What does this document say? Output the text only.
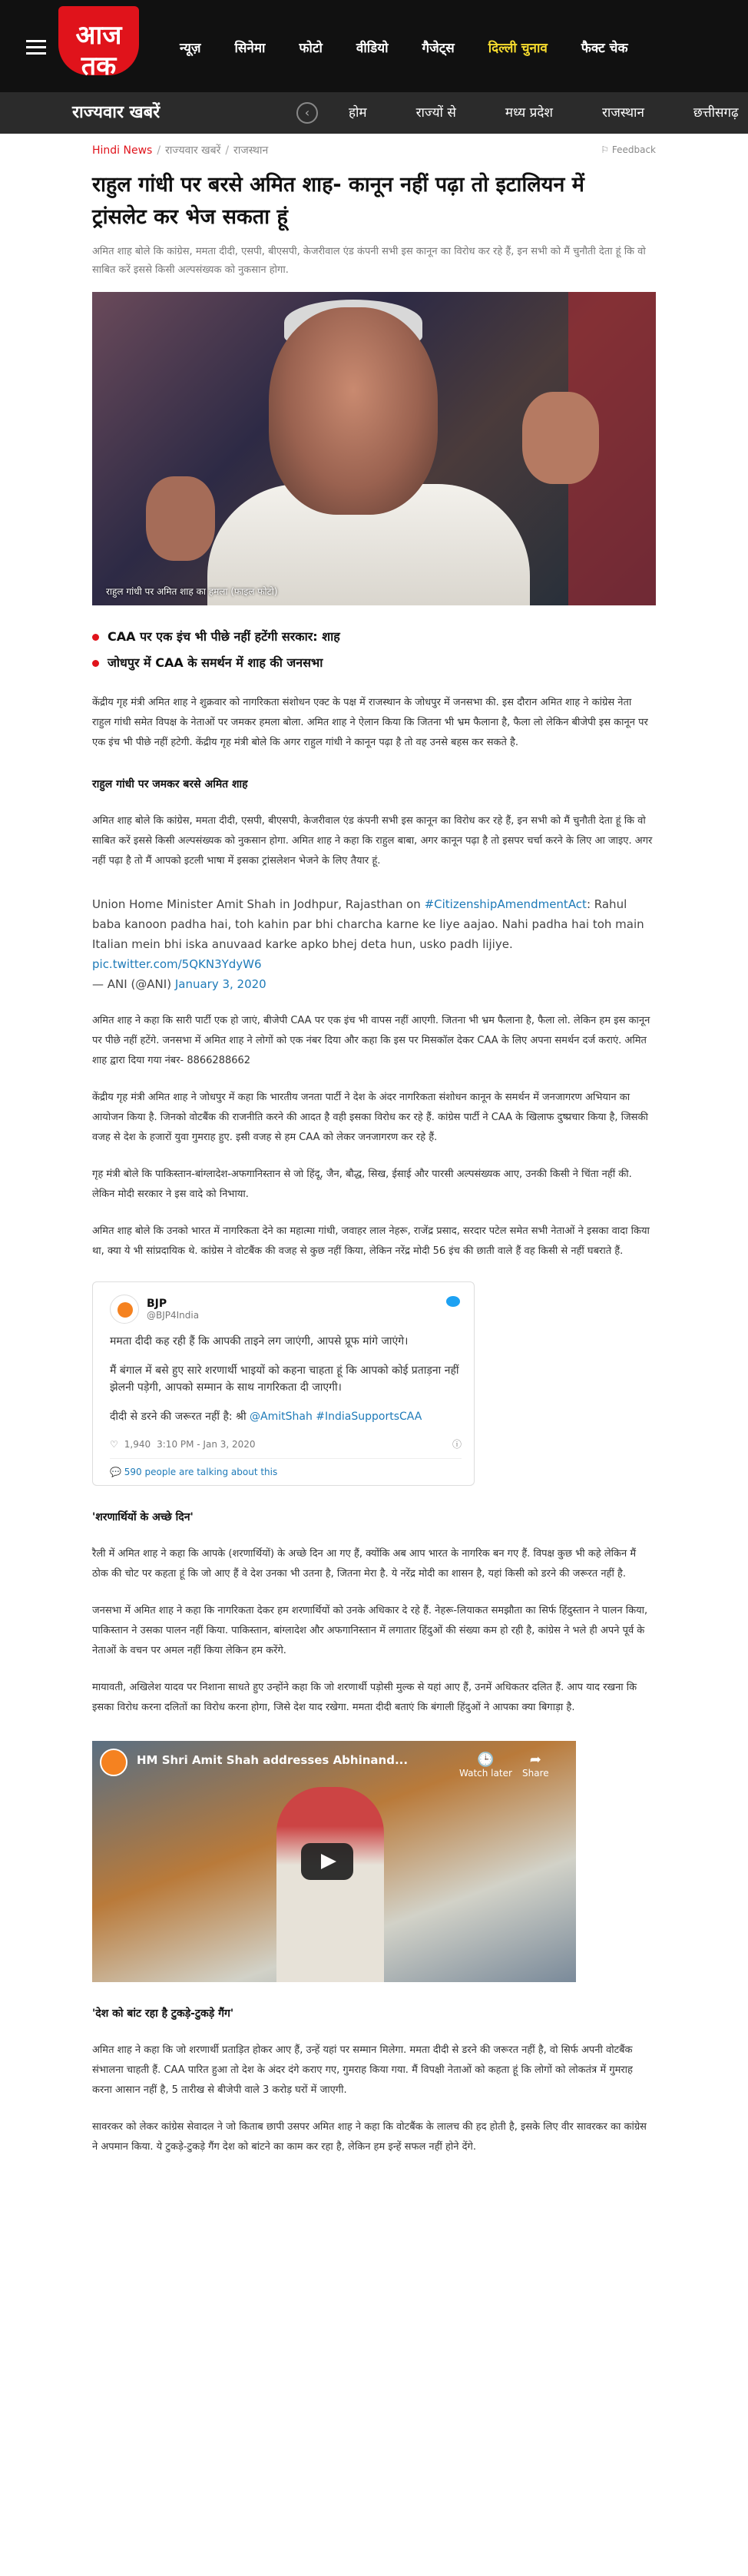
आज तक
न्यूज़	सिनेमा	फोटो	वीडियो	गैजेट्स	दिल्ली चुनाव	फैक्ट चेक
राज्यवार खबरें	‹	होम	राज्यों से	मध्य प्रदेश	राजस्थान	छत्तीसगढ़
Hindi News / राज्यवार खबरें / राजस्थान	⚐ Feedback
राहुल गांधी पर बरसे अमित शाह- कानून नहीं पढ़ा तो इटालियन में ट्रांसलेट कर भेज सकता हूं

अमित शाह बोले कि कांग्रेस, ममता दीदी, एसपी, बीएसपी, केजरीवाल एंड कंपनी सभी इस कानून का विरोध कर रहे हैं, इन सभी को मैं चुनौती देता हूं कि वो साबित करें इससे किसी अल्पसंख्यक को नुकसान होगा.

राहुल गांधी पर अमित शाह का हमला (फाइल फोटो)
CAA पर एक इंच भी पीछे नहीं हटेंगी सरकार: शाह
जोधपुर में CAA के समर्थन में शाह की जनसभा

केंद्रीय गृह मंत्री अमित शाह ने शुक्रवार को नागरिकता संशोधन एक्ट के पक्ष में राजस्थान के जोधपुर में जनसभा की. इस दौरान अमित शाह ने कांग्रेस नेता राहुल गांधी समेत विपक्ष के नेताओं पर जमकर हमला बोला. अमित शाह ने ऐलान किया कि जितना भी भ्रम फैलाना है, फैला लो लेकिन बीजेपी इस कानून पर एक इंच भी पीछे नहीं हटेगी. केंद्रीय गृह मंत्री बोले कि अगर राहुल गांधी ने कानून पढ़ा है तो वह उनसे बहस कर सकते है.

राहुल गांधी पर जमकर बरसे अमित शाह

अमित शाह बोले कि कांग्रेस, ममता दीदी, एसपी, बीएसपी, केजरीवाल एंड कंपनी सभी इस कानून का विरोध कर रहे हैं, इन सभी को मैं चुनौती देता हूं कि वो साबित करें इससे किसी अल्पसंख्यक को नुकसान होगा. अमित शाह ने कहा कि राहुल बाबा, अगर कानून पढ़ा है तो इसपर चर्चा करने के लिए आ जाइए. अगर नहीं पढ़ा है तो मैं आपको इटली भाषा में इसका ट्रांसलेशन भेजने के लिए तैयार हूं.

Union Home Minister Amit Shah in Jodhpur, Rajasthan on #CitizenshipAmendmentAct: Rahul baba kanoon padha hai, toh kahin par bhi charcha karne ke liye aajao. Nahi padha hai toh main Italian mein bhi iska anuvaad karke apko bhej deta hun, usko padh lijiye.
pic.twitter.com/5QKN3YdyW6
— ANI (@ANI) January 3, 2020

अमित शाह ने कहा कि सारी पार्टी एक हो जाएं, बीजेपी CAA पर एक इंच भी वापस नहीं आएगी. जितना भी भ्रम फैलाना है, फैला लो. लेकिन हम इस कानून पर पीछे नहीं हटेंगे. जनसभा में अमित शाह ने लोगों को एक नंबर दिया और कहा कि इस पर मिसकॉल देकर CAA के लिए अपना समर्थन दर्ज कराएं. अमित शाह द्वारा दिया गया नंबर- 8866288662

केंद्रीय गृह मंत्री अमित शाह ने जोधपुर में कहा कि भारतीय जनता पार्टी ने देश के अंदर नागरिकता संशोधन कानून के समर्थन में जनजागरण अभियान का आयोजन किया है. जिनको वोटबैंक की राजनीति करने की आदत है वही इसका विरोध कर रहे हैं. कांग्रेस पार्टी ने CAA के खिलाफ दुष्प्रचार किया है, जिसकी वजह से देश के हजारों युवा गुमराह हुए. इसी वजह से हम CAA को लेकर जनजागरण कर रहे हैं.

गृह मंत्री बोले कि पाकिस्तान-बांग्लादेश-अफगानिस्तान से जो हिंदू, जैन, बौद्ध, सिख, ईसाई और पारसी अल्पसंख्यक आए, उनकी किसी ने चिंता नहीं की. लेकिन मोदी सरकार ने इस वादे को निभाया.

अमित शाह बोले कि उनको भारत में नागरिकता देने का महात्मा गांधी, जवाहर लाल नेहरू, राजेंद्र प्रसाद, सरदार पटेल समेत सभी नेताओं ने इसका वादा किया था, क्या ये भी सांप्रदायिक थे. कांग्रेस ने वोटबैंक की वजह से कुछ नहीं किया, लेकिन नरेंद्र मोदी 56 इंच की छाती वाले हैं वह किसी से नहीं घबराते हैं.

BJP
@BJP4India

ममता दीदी कह रही हैं कि आपकी ताइने लग जाएंगी, आपसे प्रूफ मांगे जाएंगे।

मैं बंगाल में बसे हुए सारे शरणार्थी भाइयों को कहना चाहता हूं कि आपको कोई प्रताड़ना नहीं झेलनी पड़ेगी, आपको सम्मान के साथ नागरिकता दी जाएगी।

दीदी से डरने की जरूरत नहीं है: श्री @AmitShah #IndiaSupportsCAA

♡ 1,940 3:10 PM - Jan 3, 2020	ⓘ
💬 590 people are talking about this
'शरणार्थियों के अच्छे दिन'

रैली में अमित शाह ने कहा कि आपके (शरणार्थियों) के अच्छे दिन आ गए हैं, क्योंकि अब आप भारत के नागरिक बन गए हैं. विपक्ष कुछ भी कहे लेकिन मैं ठोक की चोट पर कहता हूं कि जो आए हैं वे देश उनका भी उतना है, जितना मेरा है. ये नरेंद्र मोदी का शासन है, यहां किसी को डरने की जरूरत नहीं है.

जनसभा में अमित शाह ने कहा कि नागरिकता देकर हम शरणार्थियों को उनके अधिकार दे रहे हैं. नेहरू-लियाकत समझौता का सिर्फ हिंदुस्तान ने पालन किया, पाकिस्तान ने उसका पालन नहीं किया. पाकिस्तान, बांग्लादेश और अफगानिस्तान में लगातार हिंदुओं की संख्या कम हो रही है, कांग्रेस ने भले ही अपने पूर्व के नेताओं के वचन पर अमल नहीं किया लेकिन हम करेंगे.

मायावती, अखिलेश यादव पर निशाना साधते हुए उन्होंने कहा कि जो शरणार्थी पड़ोसी मुल्क से यहां आए हैं, उनमें अधिकतर दलित हैं. आप याद रखना कि इसका विरोध करना दलितों का विरोध करना होगा, जिसे देश याद रखेगा. ममता दीदी बताएं कि बंगाली हिंदुओं ने आपका क्या बिगाड़ा है.

HM Shri Amit Shah addresses Abhinand...	🕒
Watch later
➦
Share
'देश को बांट रहा है टुकड़े-टुकड़े गैंग'

अमित शाह ने कहा कि जो शरणार्थी प्रताड़ित होकर आए हैं, उन्हें यहां पर सम्मान मिलेगा. ममता दीदी से डरने की जरूरत नहीं है, वो सिर्फ अपनी वोटबैंक संभालना चाहती हैं. CAA पारित हुआ तो देश के अंदर दंगे कराए गए, गुमराह किया गया. मैं विपक्षी नेताओं को कहता हूं कि लोगों को लोकतंत्र में गुमराह करना आसान नहीं है, 5 तारीख से बीजेपी वाले 3 करोड़ घरों में जाएगी.

सावरकर को लेकर कांग्रेस सेवादल ने जो किताब छापी उसपर अमित शाह ने कहा कि वोटबैंक के लालच की हद होती है, इसके लिए वीर सावरकर का कांग्रेस ने अपमान किया. ये टुकड़े-टुकड़े गैंग देश को बांटने का काम कर रहा है, लेकिन हम इन्हें सफल नहीं होने देंगे.
